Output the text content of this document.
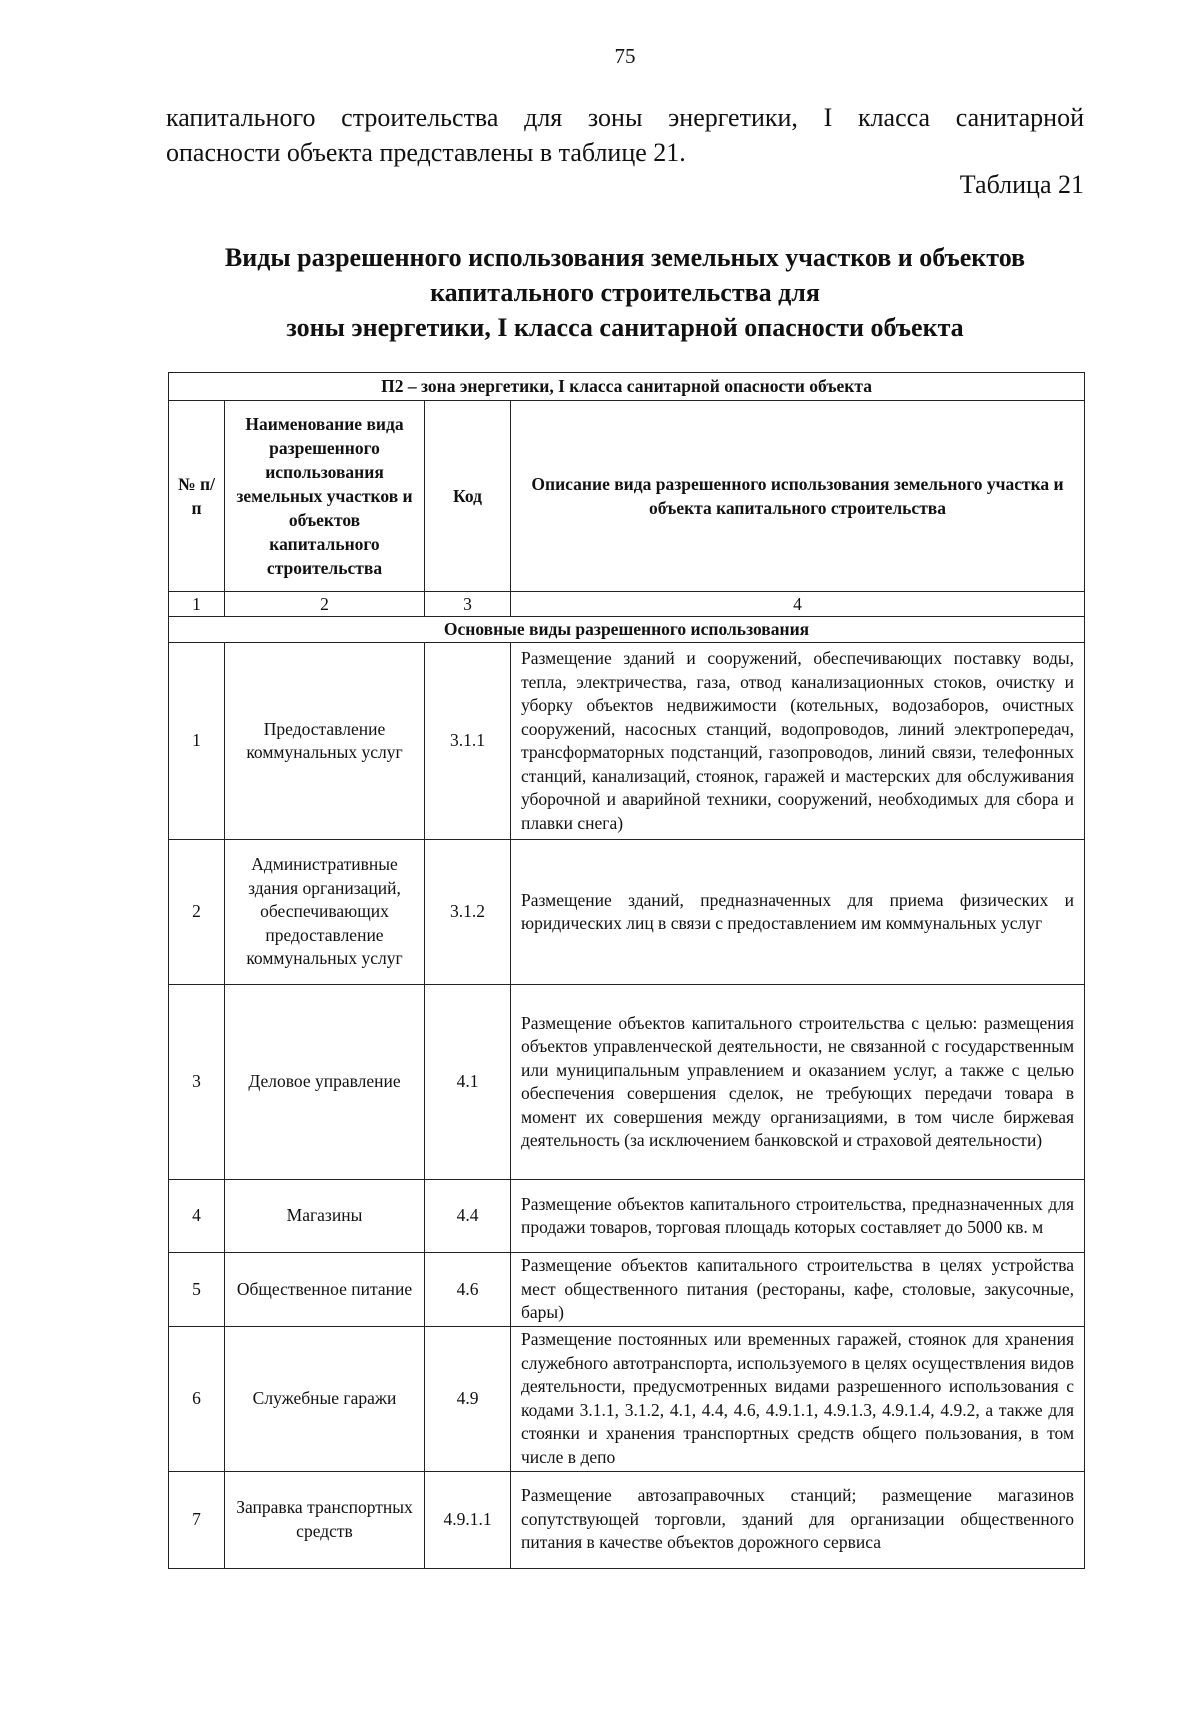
75
капитального строительства для зоны энергетики, I класса санитарной
опасности объекта представлены в таблице 21.
Таблица 21
Виды разрешенного использования земельных участков и объектов
капитального строительства для
зоны энергетики, I класса санитарной опасности объекта
П2 – зона энергетики, I класса санитарной опасности объекта			
№ п/п	Наименование вида разрешенного использования земельных участков и объектов капитального строительства	Код	Описание вида разрешенного использования земельного участка и объекта капитального строительства
1	2	3	4
Основные виды разрешенного использования			
1	Предоставление коммунальных услуг	3.1.1	Размещение зданий и сооружений, обеспечивающих поставку воды, тепла, электричества, газа, отвод канализационных стоков, очистку и уборку объектов недвижимости (котельных, водозаборов, очистных сооружений, насосных станций, водопроводов, линий электропередач, трансформаторных подстанций, газопроводов, линий связи, телефонных станций, канализаций, стоянок, гаражей и мастерских для обслуживания уборочной и аварийной техники, сооружений, необходимых для сбора и плавки снега)
2	Административные здания организаций, обеспечивающих предоставление коммунальных услуг	3.1.2	Размещение зданий, предназначенных для приема физических и юридических лиц в связи с предоставлением им коммунальных услуг
3	Деловое управление	4.1	Размещение объектов капитального строительства с целью: размещения объектов управленческой деятельности, не связанной с государственным или муниципальным управлением и оказанием услуг, а также с целью обеспечения совершения сделок, не требующих передачи товара в момент их совершения между организациями, в том числе биржевая деятельность (за исключением банковской и страховой деятельности)
4	Магазины	4.4	Размещение объектов капитального строительства, предназначенных для продажи товаров, торговая площадь которых составляет до 5000 кв. м
5	Общественное питание	4.6	Размещение объектов капитального строительства в целях устройства мест общественного питания (рестораны, кафе, столовые, закусочные, бары)
6	Служебные гаражи	4.9	Размещение постоянных или временных гаражей, стоянок для хранения служебного автотранспорта, используемого в целях осуществления видов деятельности, предусмотренных видами разрешенного использования с кодами 3.1.1, 3.1.2, 4.1, 4.4, 4.6, 4.9.1.1, 4.9.1.3, 4.9.1.4, 4.9.2, а также для стоянки и хранения транспортных средств общего пользования, в том числе в депо
7	Заправка транспортных средств	4.9.1.1	Размещение автозаправочных станций; размещение магазинов сопутствующей торговли, зданий для организации общественного питания в качестве объектов дорожного сервиса
